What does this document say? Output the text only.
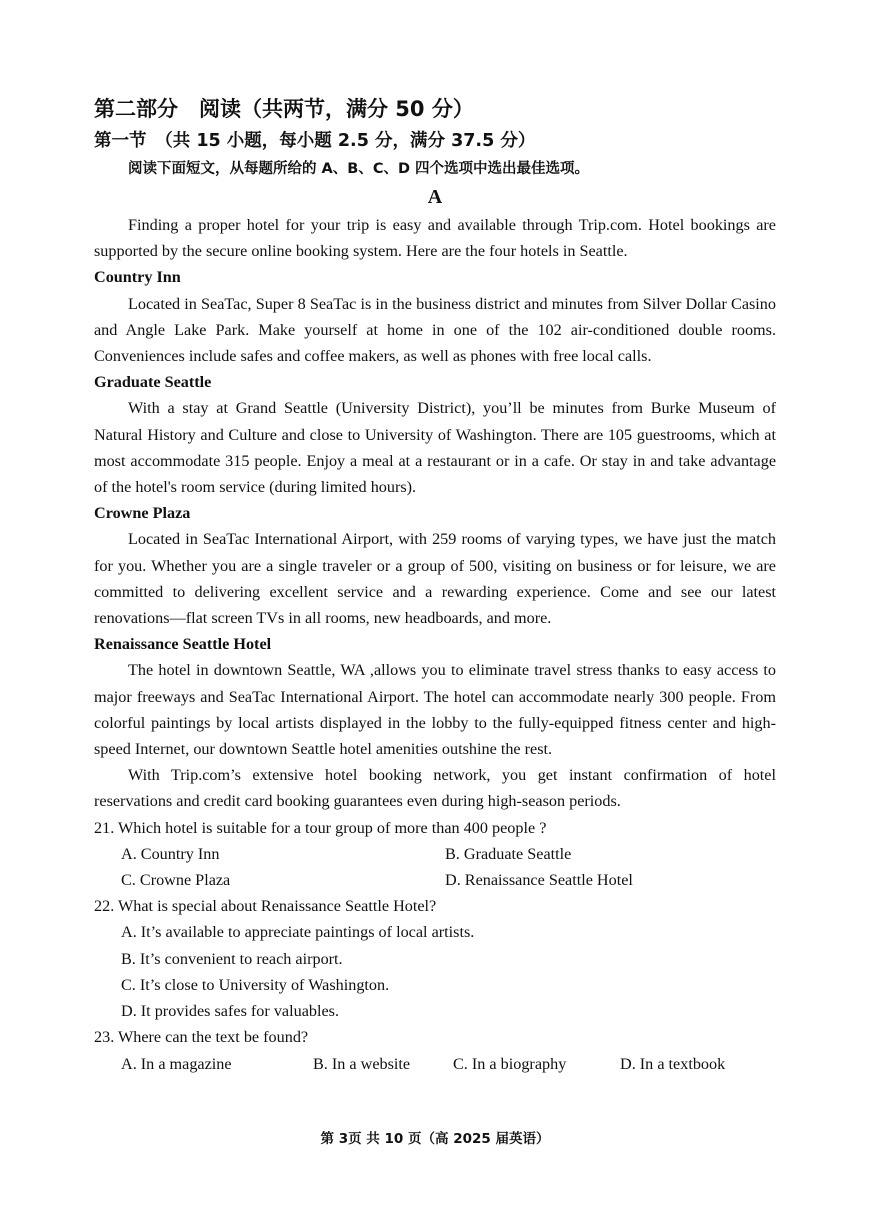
第二部分　阅读（共两节，满分 50 分）
第一节　（共 15 小题，每小题 2.5 分，满分 37.5 分）

阅读下面短文，从每题所给的 A、B、C、D 四个选项中选出最佳选项。

A

Finding a proper hotel for your trip is easy and available through Trip.com. Hotel bookings are supported by the secure online booking system. Here are the four hotels in Seattle.

Country Inn

Located in SeaTac, Super 8 SeaTac is in the business district and minutes from Silver Dollar Casino and Angle Lake Park. Make yourself at home in one of the 102 air-conditioned double rooms. Conveniences include safes and coffee makers, as well as phones with free local calls.

Graduate Seattle

With a stay at Grand Seattle (University District), you’ll be minutes from Burke Museum of Natural History and Culture and close to University of Washington. There are 105 guestrooms, which at most accommodate 315 people. Enjoy a meal at a restaurant or in a cafe. Or stay in and take advantage of the hotel's room service (during limited hours).

Crowne Plaza

Located in SeaTac International Airport, with 259 rooms of varying types, we have just the match for you. Whether you are a single traveler or a group of 500, visiting on business or for leisure, we are committed to delivering excellent service and a rewarding experience. Come and see our latest renovations—flat screen TVs in all rooms, new headboards, and more.

Renaissance Seattle Hotel

The hotel in downtown Seattle, WA ,allows you to eliminate travel stress thanks to easy access to major freeways and SeaTac International Airport. The hotel can accommodate nearly 300 people. From colorful paintings by local artists displayed in the lobby to the fully-equipped fitness center and high-speed Internet, our downtown Seattle hotel amenities outshine the rest.

With Trip.com’s extensive hotel booking network, you get instant confirmation of hotel reservations and credit card booking guarantees even during high-season periods.

21. Which hotel is suitable for a tour group of more than 400 people ?
A. Country Inn	B. Graduate Seattle
C. Crowne Plaza	D. Renaissance Seattle Hotel
22. What is special about Renaissance Seattle Hotel?
A. It’s available to appreciate paintings of local artists.
B. It’s convenient to reach airport.
C. It’s close to University of Washington.
D. It provides safes for valuables.
23. Where can the text be found?
A. In a magazine	B. In a website	C. In a biography	D. In a textbook
第 3页 共 10 页（高 2025 届英语）
